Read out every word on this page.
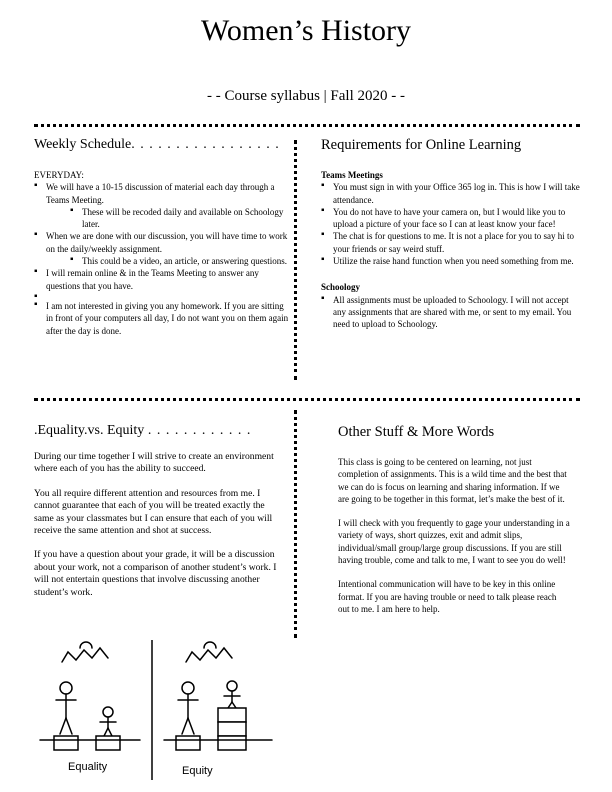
Women’s History
- - Course syllabus | Fall 2020 - -
Weekly Schedule. . . . . . . . . . . . . . . . .
EVERYDAY:
▪ We will have a 10-15 discussion of material each day through a Teams Meeting.
▪ These will be recoded daily and available on Schoology later.
▪ When we are done with our discussion, you will have time to work on the daily/weekly assignment.
▪ This could be a video, an article, or answering questions.
▪ I will remain online & in the Teams Meeting to answer any questions that you have.
▪
▪ I am not interested in giving you any homework. If you are sitting in front of your computers all day, I do not want you on them again after the day is done.
Requirements for Online Learning
Teams Meetings
▪ You must sign in with your Office 365 log in. This is how I will take attendance.
▪ You do not have to have your camera on, but I would like you to upload a picture of your face so I can at least know your face!
▪ The chat is for questions to me. It is not a place for you to say hi to your friends or say weird stuff.
▪ Utilize the raise hand function when you need something from me.
Schoology
▪ All assignments must be uploaded to Schoology. I will not accept any assignments that are shared with me, or sent to my email. You need to upload to Schoology.
.Equality.vs. Equity . . . . . . . . . . . .

During our time together I will strive to create an environment where each of you has the ability to succeed.

You all require different attention and resources from me. I cannot guarantee that each of you will be treated exactly the same as your classmates but I can ensure that each of you will receive the same attention and shot at success.

If you have a question about your grade, it will be a discussion about your work, not a comparison of another student’s work. I will not entertain questions that involve discussing another student’s work.

Equality	Equity
Other Stuff & More Words

This class is going to be centered on learning, not just completion of assignments. This is a wild time and the best that we can do is focus on learning and sharing information. If we are going to be together in this format, let’s make the best of it.

I will check with you frequently to gage your understanding in a variety of ways, short quizzes, exit and admit slips, individual/small group/large group discussions. If you are still having trouble, come and talk to me, I want to see you do well!

Intentional communication will have to be key in this online format. If you are having trouble or need to talk please reach out to me. I am here to help.
